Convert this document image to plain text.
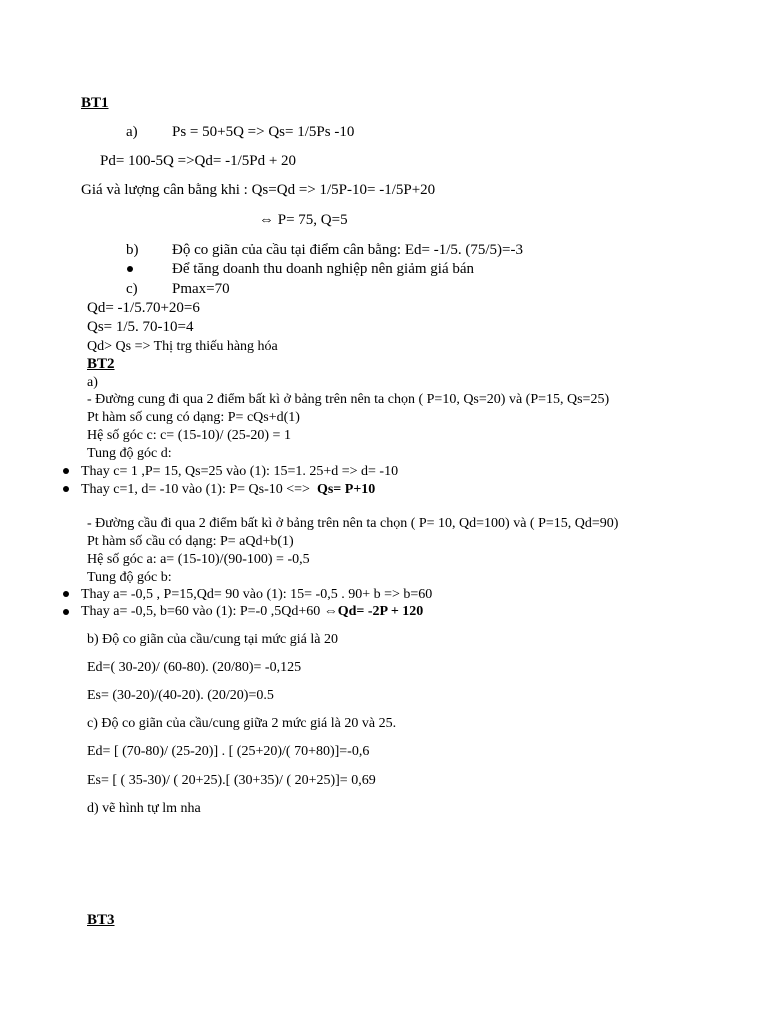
BT1
a) Ps = 50+5Q => Qs= 1/5Ps -10
Pd= 100-5Q =>Qd= -1/5Pd + 20
Giá và lượng cân bằng khi : Qs=Qd => 1/5P-10= -1/5P+20
⇔ P= 75, Q=5
b) Độ co giãn của cầu tại điểm cân bằng: Ed= -1/5. (75/5)=-3
Để tăng doanh thu doanh nghiệp nên giảm giá bán
c) Pmax=70
Qd= -1/5.70+20=6
Qs= 1/5. 70-10=4
Qd> Qs => Thị trg thiếu hàng hóa
BT2
a)
- Đường cung đi qua 2 điểm bất kì ở bảng trên nên ta chọn ( P=10, Qs=20) và (P=15, Qs=25)
Pt hàm số cung có dạng: P= cQs+d(1)
Hệ số góc c: c= (15-10)/ (25-20) = 1
Tung độ góc d:
Thay c= 1 ,P= 15, Qs=25 vào (1): 15=1. 25+d => d= -10
Thay c=1, d= -10 vào (1): P= Qs-10 <=>  Qs= P+10
- Đường cầu đi qua 2 điểm bất kì ở bảng trên nên ta chọn ( P= 10, Qd=100) và ( P=15, Qd=90)
Pt hàm số cầu có dạng: P= aQd+b(1)
Hệ số góc a: a= (15-10)/(90-100) = -0,5
Tung độ góc b:
Thay a= -0,5 , P=15,Qd= 90 vào (1): 15= -0,5 . 90+ b => b=60
Thay a= -0,5, b=60 vào (1): P=-0 ,5Qd+60 ⇔Qd= -2P + 120
b) Độ co giãn của cầu/cung tại mức giá là 20
Ed=( 30-20)/ (60-80). (20/80)= -0,125
Es= (30-20)/(40-20). (20/20)=0.5
c) Độ co giãn của cầu/cung giữa 2 mức giá là 20 và 25.
Ed= [ (70-80)/ (25-20)] . [ (25+20)/( 70+80)]=-0,6
Es= [ ( 35-30)/ ( 20+25).[ (30+35)/ ( 20+25)]= 0,69
d) vẽ hình tự lm nha
BT3
